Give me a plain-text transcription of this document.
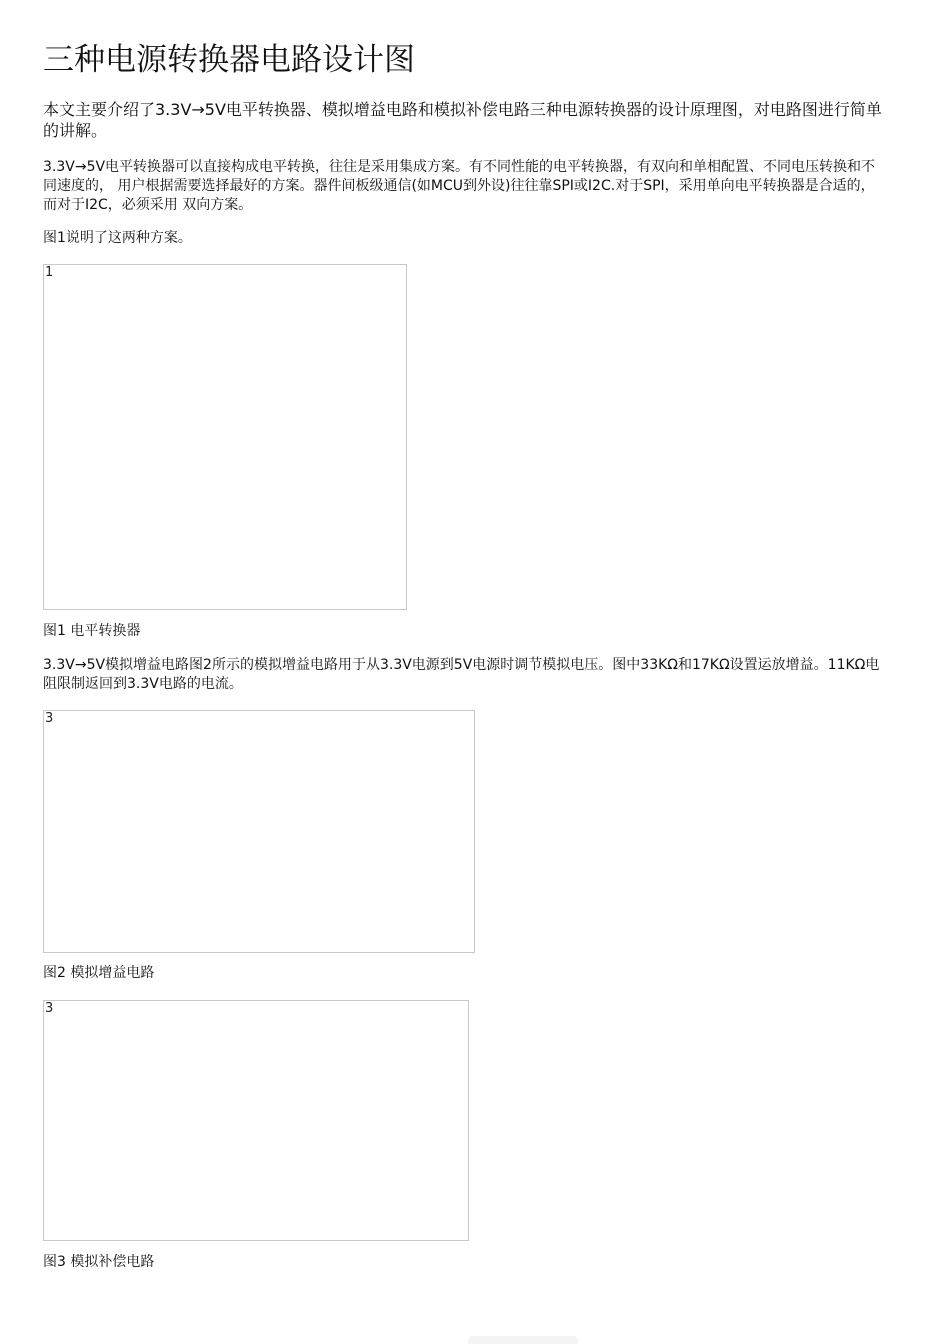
三种电源转换器电路设计图

本文主要介绍了3.3V→5V电平转换器、模拟增益电路和模拟补偿电路三种电源转换器的设计原理图，对电路图进行简单的讲解。

3.3V→5V电平转换器可以直接构成电平转换，往往是采用集成方案。有不同性能的电平转换器，有双向和单相配置、不同电压转换和不同速度的， 用户根据需要选择最好的方案。器件间板级通信(如MCU到外设)往往靠SPI或I2C.对于SPI，采用单向电平转换器是合适的，而对于I2C，必须采用 双向方案。

图1说明了这两种方案。

1

图1 电平转换器

3.3V→5V模拟增益电路图2所示的模拟增益电路用于从3.3V电源到5V电源时调节模拟电压。图中33KΩ和17KΩ设置运放增益。11KΩ电阻限制返回到3.3V电路的电流。

3

图2 模拟增益电路

3

图3 模拟补偿电路
